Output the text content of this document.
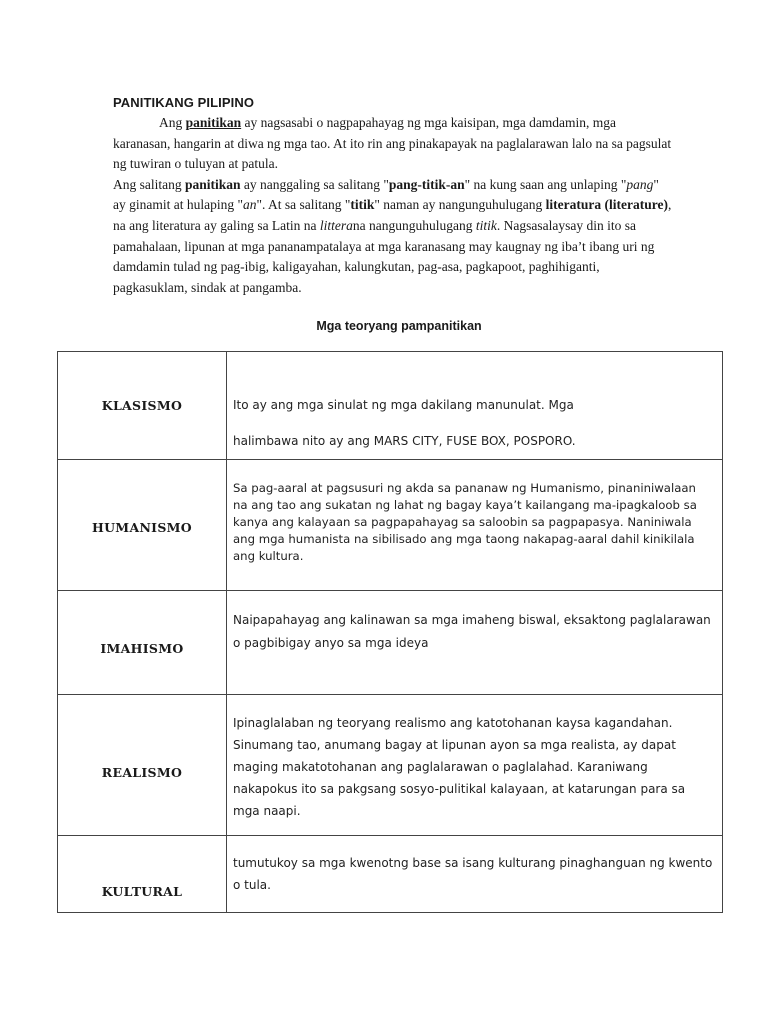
PANITIKANG PILIPINO

Ang panitikan ay nagsasabi o nagpapahayag ng mga kaisipan, mga damdamin, mga karanasan, hangarin at diwa ng mga tao. At ito rin ang pinakapayak na paglalarawan lalo na sa pagsulat ng tuwiran o tuluyan at patula.

Ang salitang panitikan ay nanggaling sa salitang "pang-titik-an" na kung saan ang unlaping "pang" ay ginamit at hulaping "an". At sa salitang "titik" naman ay nangunguhulugang literatura (literature), na ang literatura ay galing sa Latin na litterana nangunguhulugang titik. Nagsasalaysay din ito sa pamahalaan, lipunan at mga pananampatalaya at mga karanasang may kaugnay ng iba’t ibang uri ng damdamin tulad ng pag-ibig, kaligayahan, kalungkutan, pag-asa, pagkapoot, paghihiganti, pagkasuklam, sindak at pangamba.

Mga teoryang pampanitikan
KLASISMO	Ito ay ang mga sinulat ng mga dakilang manunulat. Mga
halimbawa nito ay ang MARS CITY, FUSE BOX, POSPORO.

HUMANISMO	Sa pag-aaral at pagsusuri ng akda sa pananaw ng Humanismo, pinaniniwalaan na ang tao ang sukatan ng lahat ng bagay kaya’t kailangang ma-ipagkaloob sa kanya ang kalayaan sa pagpapahayag sa saloobin sa pagpapasya. Naniniwala ang mga humanista na sibilisado ang mga taong nakapag-aaral dahil kinikilala ang kultura.
IMAHISMO	Naipapahayag ang kalinawan sa mga imaheng biswal, eksaktong paglalarawan o pagbibigay anyo sa mga ideya
REALISMO	Ipinaglalaban ng teoryang realismo ang katotohanan kaysa kagandahan. Sinumang tao, anumang bagay at lipunan ayon sa mga realista, ay dapat maging makatotohanan ang paglalarawan o paglalahad. Karaniwang nakapokus ito sa pakgsang sosyo-pulitikal kalayaan, at katarungan para sa mga naapi.
KULTURAL	tumutukoy sa mga kwenotng base sa isang kulturang pinaghanguan ng kwento o tula.
